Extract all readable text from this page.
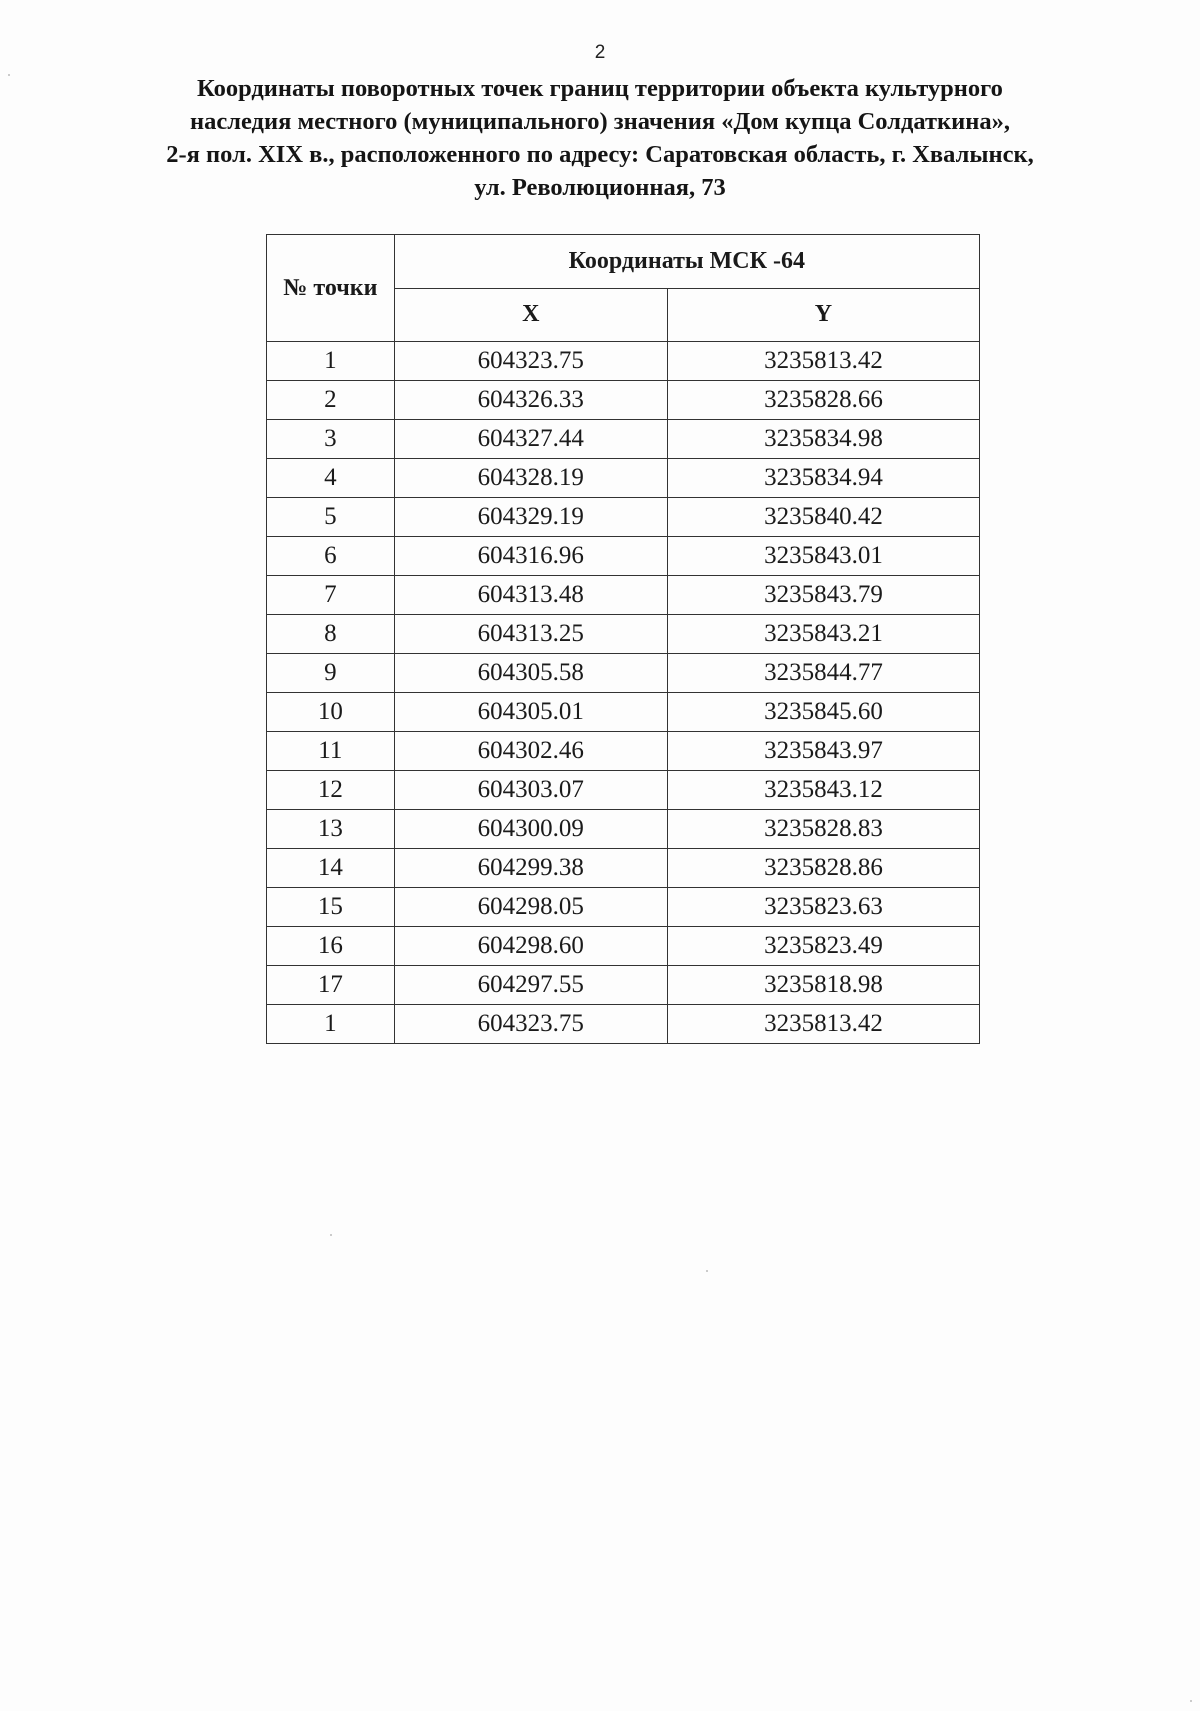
2
Координаты поворотных точек границ территории объекта культурного
наследия местного (муниципального) значения «Дом купца Солдаткина»,
2-я пол. XIX в., расположенного по адресу: Саратовская область, г. Хвалынск,
ул. Революционная, 73
№ точки	Координаты МСК -64	
	X	Y
1	604323.75	3235813.42
2	604326.33	3235828.66
3	604327.44	3235834.98
4	604328.19	3235834.94
5	604329.19	3235840.42
6	604316.96	3235843.01
7	604313.48	3235843.79
8	604313.25	3235843.21
9	604305.58	3235844.77
10	604305.01	3235845.60
11	604302.46	3235843.97
12	604303.07	3235843.12
13	604300.09	3235828.83
14	604299.38	3235828.86
15	604298.05	3235823.63
16	604298.60	3235823.49
17	604297.55	3235818.98
1	604323.75	3235813.42
